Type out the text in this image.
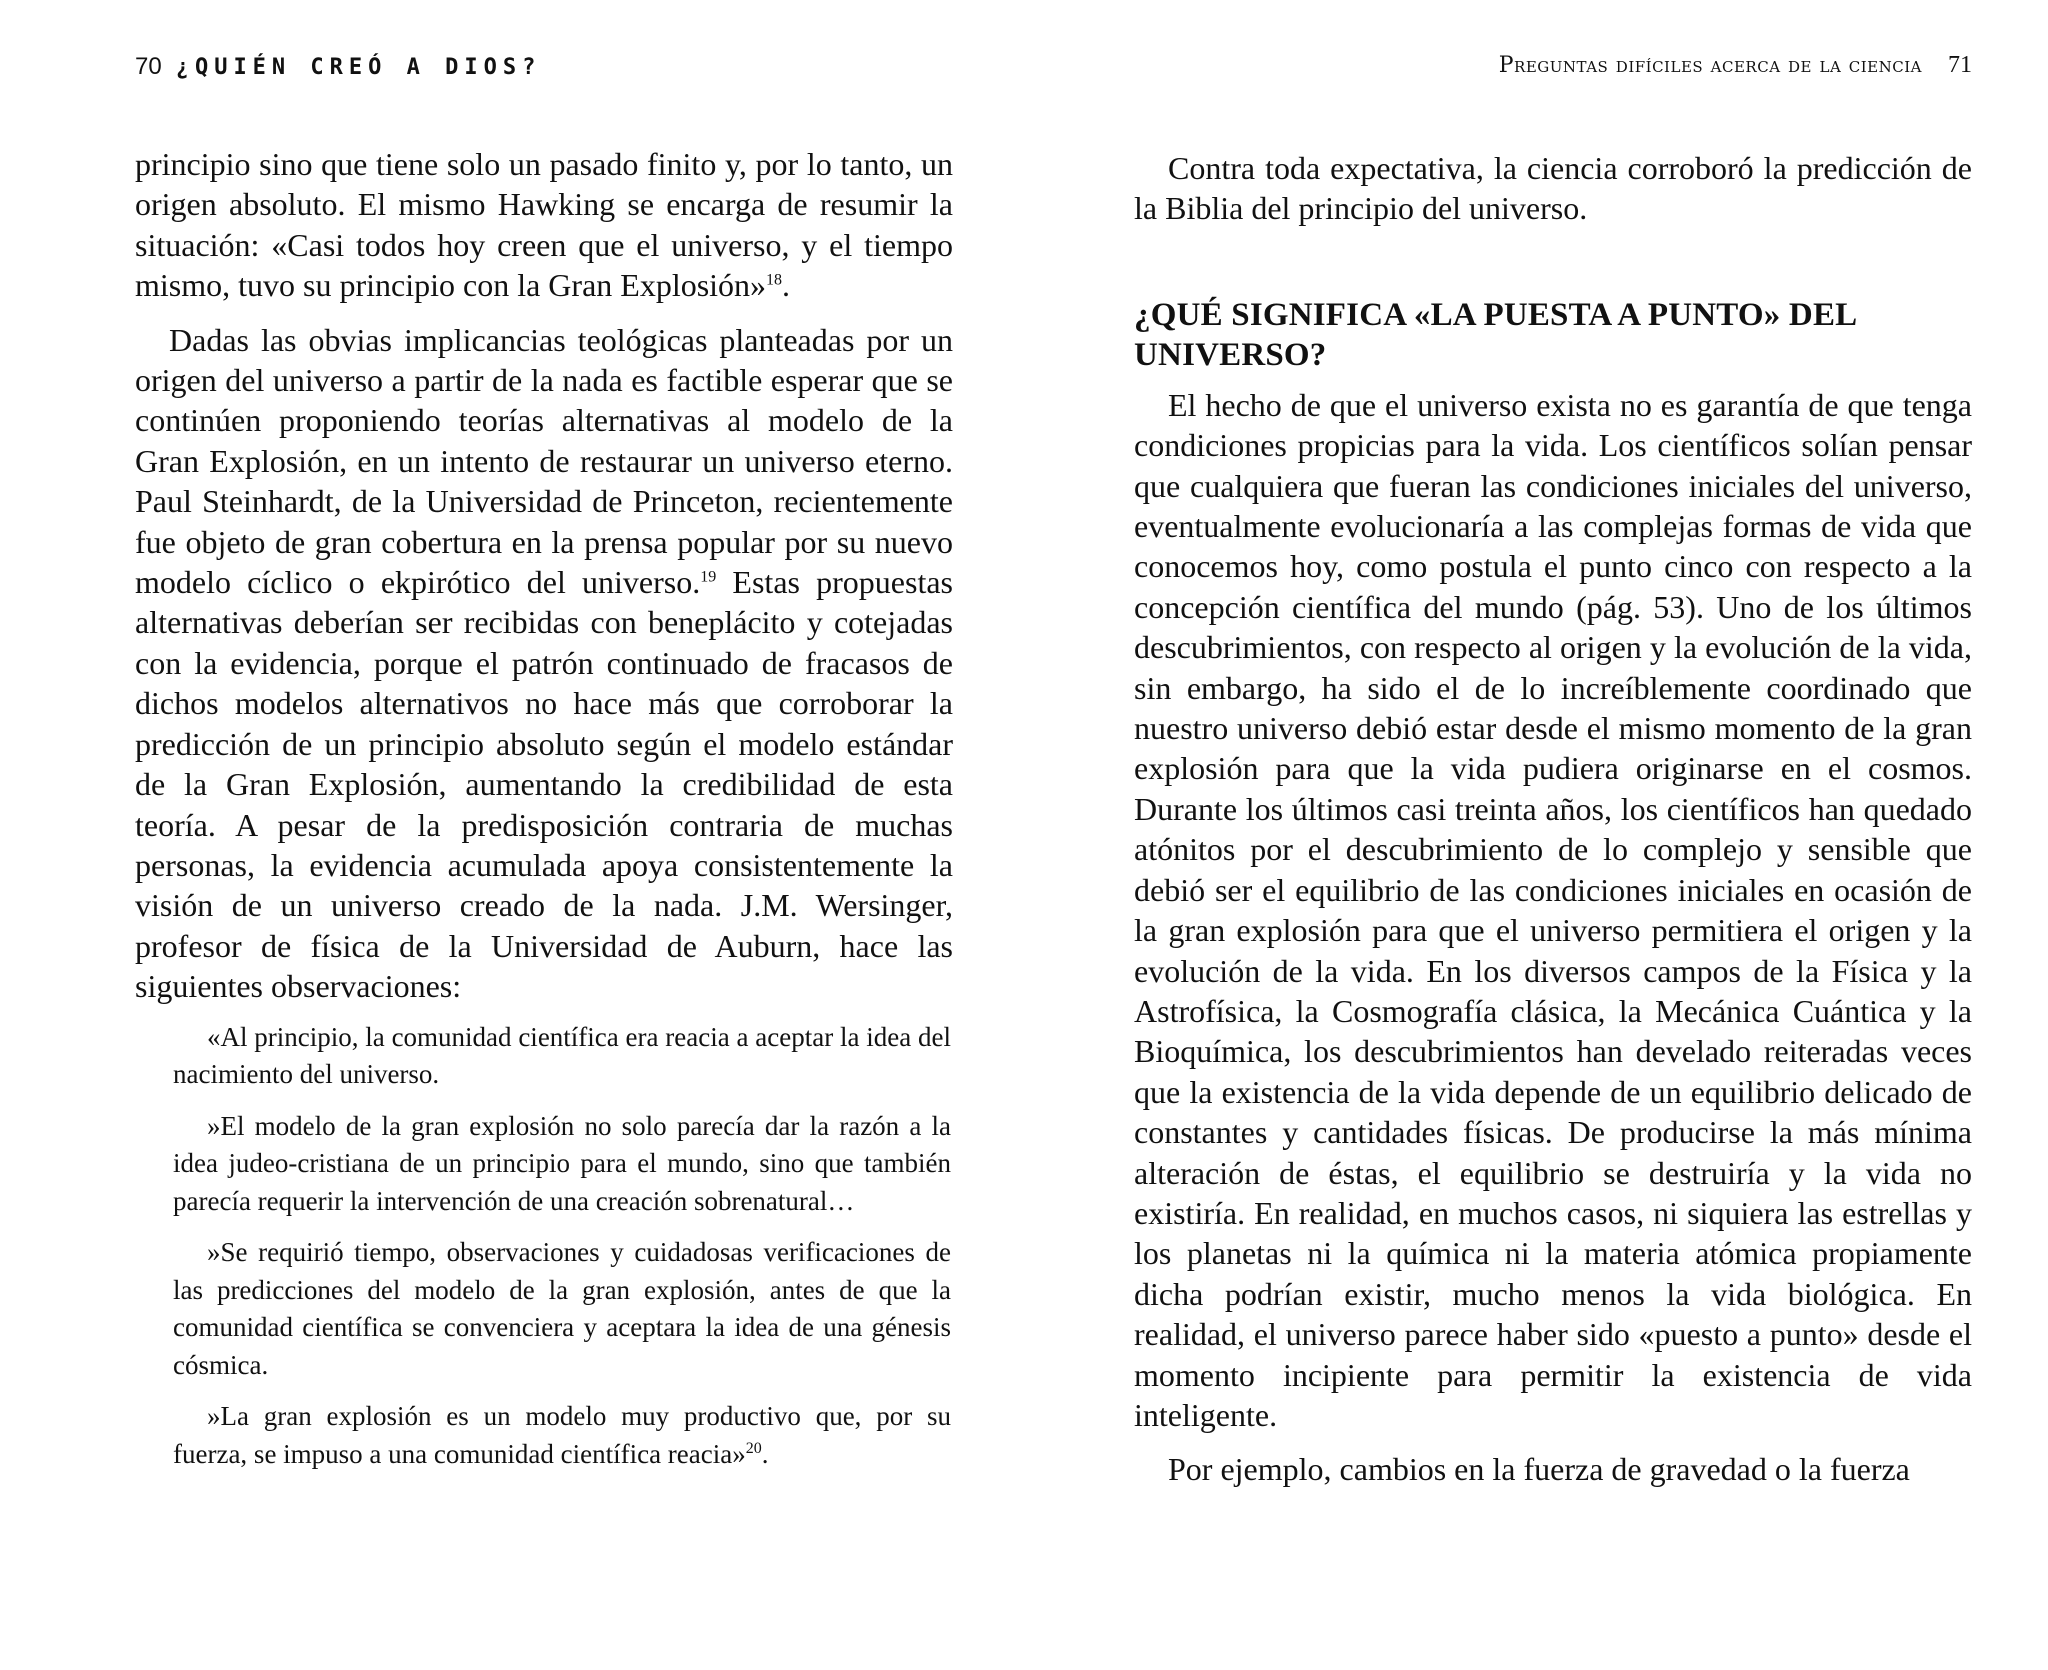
70 ¿QUIÉN CREÓ A DIOS?

principio sino que tiene solo un pasado finito y, por lo tanto, un origen absoluto. El mismo Hawking se encarga de resumir la situación: «Casi todos hoy creen que el universo, y el tiempo mismo, tuvo su principio con la Gran Explosión»$^{18}$.

Dadas las obvias implicancias teológicas planteadas por un origen del universo a partir de la nada es factible esperar que se continúen proponiendo teorías alternativas al modelo de la Gran Explosión, en un intento de restaurar un universo eterno. Paul Steinhardt, de la Universidad de Princeton, recientemente fue objeto de gran cobertura en la prensa popular por su nuevo modelo cíclico o ekpirótico del universo.$^{19}$ Estas propuestas alternativas deberían ser recibidas con beneplácito y cotejadas con la evidencia, porque el patrón continuado de fracasos de dichos modelos alternativos no hace más que corroborar la predicción de un principio absoluto según el modelo estándar de la Gran Explosión, aumentando la credibilidad de esta teoría. A pesar de la predisposición contraria de muchas personas, la evidencia acumulada apoya consistentemente la visión de un universo creado de la nada. J.M. Wersinger, profesor de física de la Universidad de Auburn, hace las siguientes observaciones:

«Al principio, la comunidad científica era reacia a aceptar la idea del nacimiento del universo.

»El modelo de la gran explosión no solo parecía dar la razón a la idea judeo-cristiana de un principio para el mundo, sino que también parecía requerir la intervención de una creación sobrenatural…

»Se requirió tiempo, observaciones y cuidadosas verificaciones de las predicciones del modelo de la gran explosión, antes de que la comunidad científica se convenciera y aceptara la idea de una génesis cósmica.

»La gran explosión es un modelo muy productivo que, por su fuerza, se impuso a una comunidad científica reacia»$^{20}$.

Preguntas difíciles acerca de la ciencia 71

Contra toda expectativa, la ciencia corroboró la predicción de la Biblia del principio del universo.

¿QUÉ SIGNIFICA «LA PUESTA A PUNTO» DEL UNIVERSO?

El hecho de que el universo exista no es garantía de que tenga condiciones propicias para la vida. Los científicos solían pensar que cualquiera que fueran las condiciones iniciales del universo, eventualmente evolucionaría a las complejas formas de vida que conocemos hoy, como postula el punto cinco con respecto a la concepción científica del mundo (pág. 53). Uno de los últimos descubrimientos, con respecto al origen y la evolución de la vida, sin embargo, ha sido el de lo increíblemente coordinado que nuestro universo debió estar desde el mismo momento de la gran explosión para que la vida pudiera originarse en el cosmos. Durante los últimos casi treinta años, los científicos han quedado atónitos por el descubrimiento de lo complejo y sensible que debió ser el equilibrio de las condiciones iniciales en ocasión de la gran explosión para que el universo permitiera el origen y la evolución de la vida. En los diversos campos de la Física y la Astrofísica, la Cosmografía clásica, la Mecánica Cuántica y la Bioquímica, los descubrimientos han develado reiteradas veces que la existencia de la vida depende de un equilibrio delicado de constantes y cantidades físicas. De producirse la más mínima alteración de éstas, el equilibrio se destruiría y la vida no existiría. En realidad, en muchos casos, ni siquiera las estrellas y los planetas ni la química ni la materia atómica propiamente dicha podrían existir, mucho menos la vida biológica. En realidad, el universo parece haber sido «puesto a punto» desde el momento incipiente para permitir la existencia de vida inteligente.

Por ejemplo, cambios en la fuerza de gravedad o la fuerza
